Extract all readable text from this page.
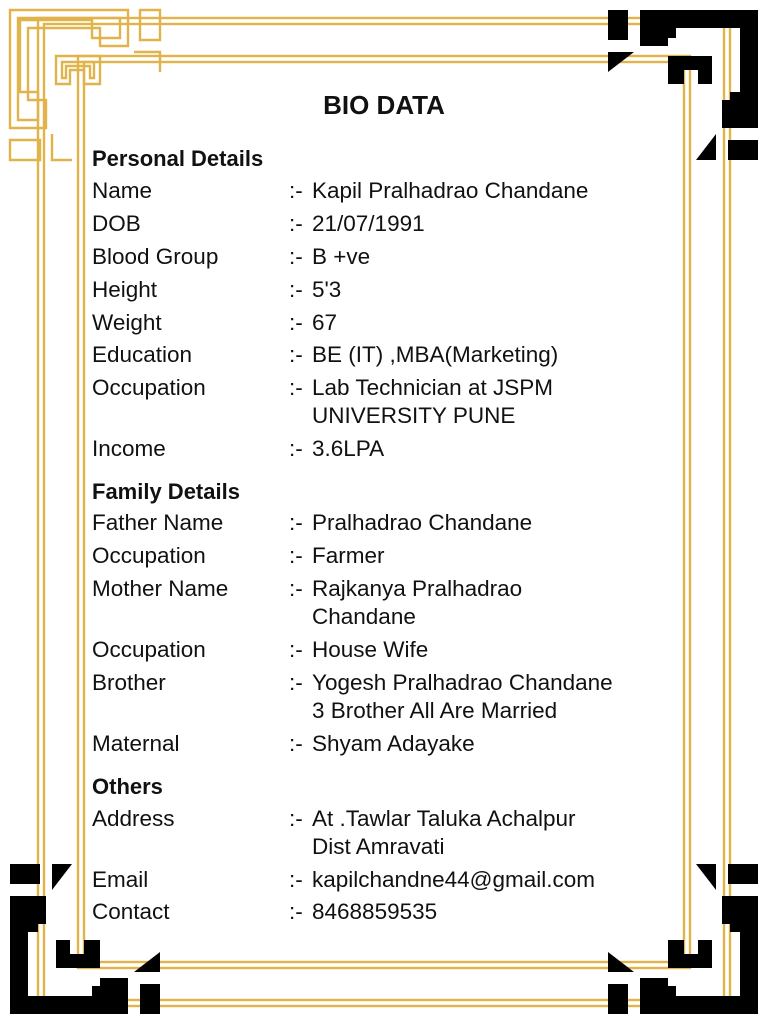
BIO DATA
Personal Details
Name	:- Kapil Pralhadrao Chandane
DOB	:- 21/07/1991
Blood Group	:- B +ve
Height	:- 5'3
Weight	:- 67
Education	:- BE (IT) ,MBA(Marketing)
Occupation	:- Lab Technician at JSPM
UNIVERSITY PUNE
Income	:- 3.6LPA
Family Details
Father Name	:- Pralhadrao Chandane
Occupation	:- Farmer
Mother Name	:- Rajkanya Pralhadrao
Chandane
Occupation	:- House Wife
Brother	:- Yogesh Pralhadrao Chandane
3 Brother All Are Married
Maternal	:- Shyam Adayake
Others
Address	:- At .Tawlar Taluka Achalpur
Dist Amravati
Email	:- kapilchandne44@gmail.com
Contact	:- 8468859535
